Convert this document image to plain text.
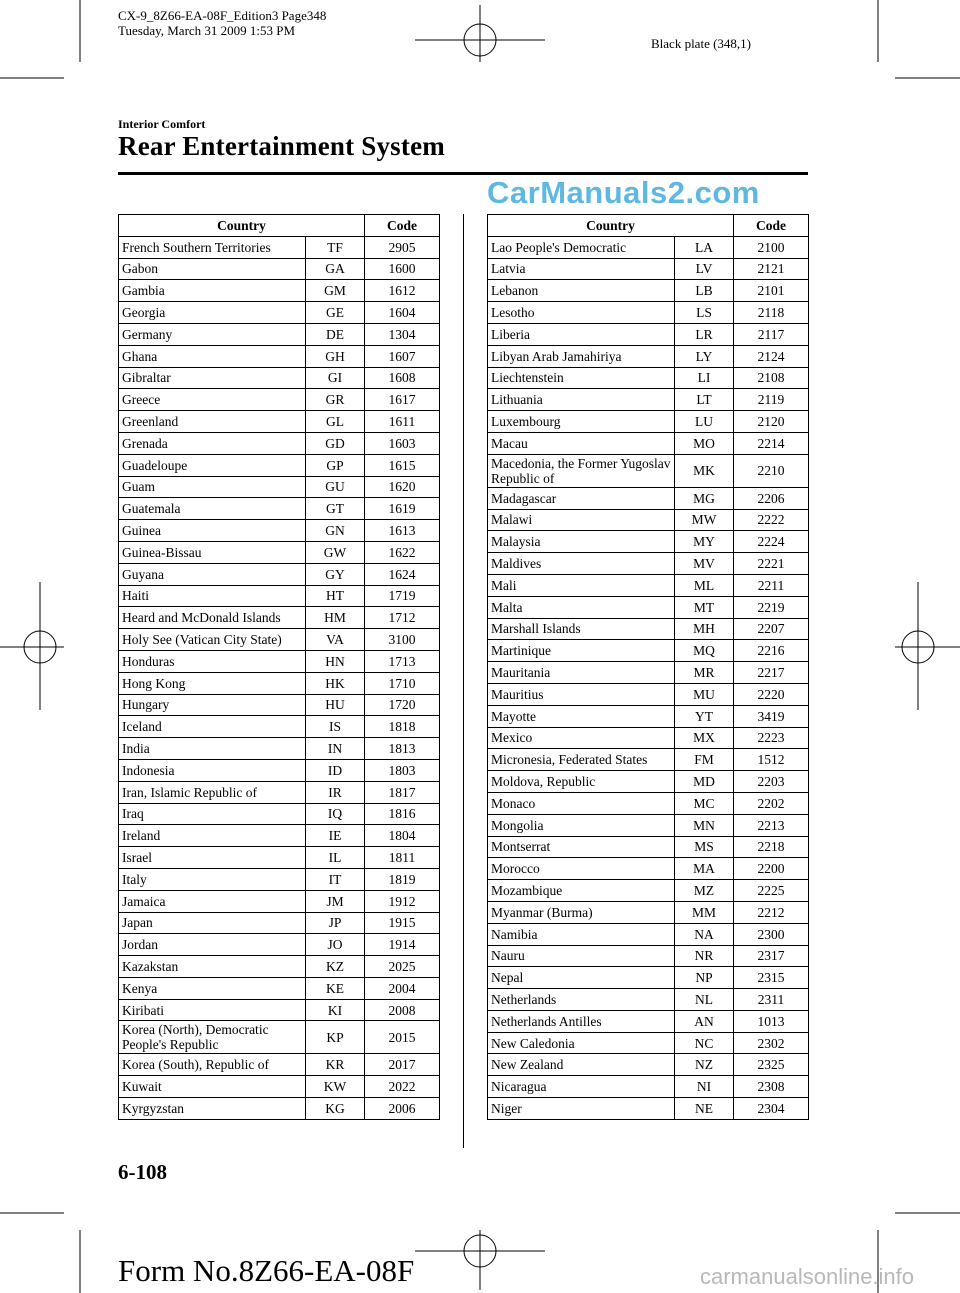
CX-9_8Z66-EA-08F_Edition3 Page348
Tuesday, March 31 2009 1:53 PM
Black plate (348,1)
Interior Comfort
Rear Entertainment System
CarManuals2.com
Country		Code
French Southern Territories	TF	2905
Gabon	GA	1600
Gambia	GM	1612
Georgia	GE	1604
Germany	DE	1304
Ghana	GH	1607
Gibraltar	GI	1608
Greece	GR	1617
Greenland	GL	1611
Grenada	GD	1603
Guadeloupe	GP	1615
Guam	GU	1620
Guatemala	GT	1619
Guinea	GN	1613
Guinea-Bissau	GW	1622
Guyana	GY	1624
Haiti	HT	1719
Heard and McDonald Islands	HM	1712
Holy See (Vatican City State)	VA	3100
Honduras	HN	1713
Hong Kong	HK	1710
Hungary	HU	1720
Iceland	IS	1818
India	IN	1813
Indonesia	ID	1803
Iran, Islamic Republic of	IR	1817
Iraq	IQ	1816
Ireland	IE	1804
Israel	IL	1811
Italy	IT	1819
Jamaica	JM	1912
Japan	JP	1915
Jordan	JO	1914
Kazakstan	KZ	2025
Kenya	KE	2004
Kiribati	KI	2008
Korea (North), Democratic People's Republic	KP	2015
Korea (South), Republic of	KR	2017
Kuwait	KW	2022
Kyrgyzstan	KG	2006
Country		Code
Lao People's Democratic	LA	2100
Latvia	LV	2121
Lebanon	LB	2101
Lesotho	LS	2118
Liberia	LR	2117
Libyan Arab Jamahiriya	LY	2124
Liechtenstein	LI	2108
Lithuania	LT	2119
Luxembourg	LU	2120
Macau	MO	2214
Macedonia, the Former Yugoslav Republic of	MK	2210
Madagascar	MG	2206
Malawi	MW	2222
Malaysia	MY	2224
Maldives	MV	2221
Mali	ML	2211
Malta	MT	2219
Marshall Islands	MH	2207
Martinique	MQ	2216
Mauritania	MR	2217
Mauritius	MU	2220
Mayotte	YT	3419
Mexico	MX	2223
Micronesia, Federated States	FM	1512
Moldova, Republic	MD	2203
Monaco	MC	2202
Mongolia	MN	2213
Montserrat	MS	2218
Morocco	MA	2200
Mozambique	MZ	2225
Myanmar (Burma)	MM	2212
Namibia	NA	2300
Nauru	NR	2317
Nepal	NP	2315
Netherlands	NL	2311
Netherlands Antilles	AN	1013
New Caledonia	NC	2302
New Zealand	NZ	2325
Nicaragua	NI	2308
Niger	NE	2304
6-108
Form No.8Z66-EA-08F	carmanualsonline.info
